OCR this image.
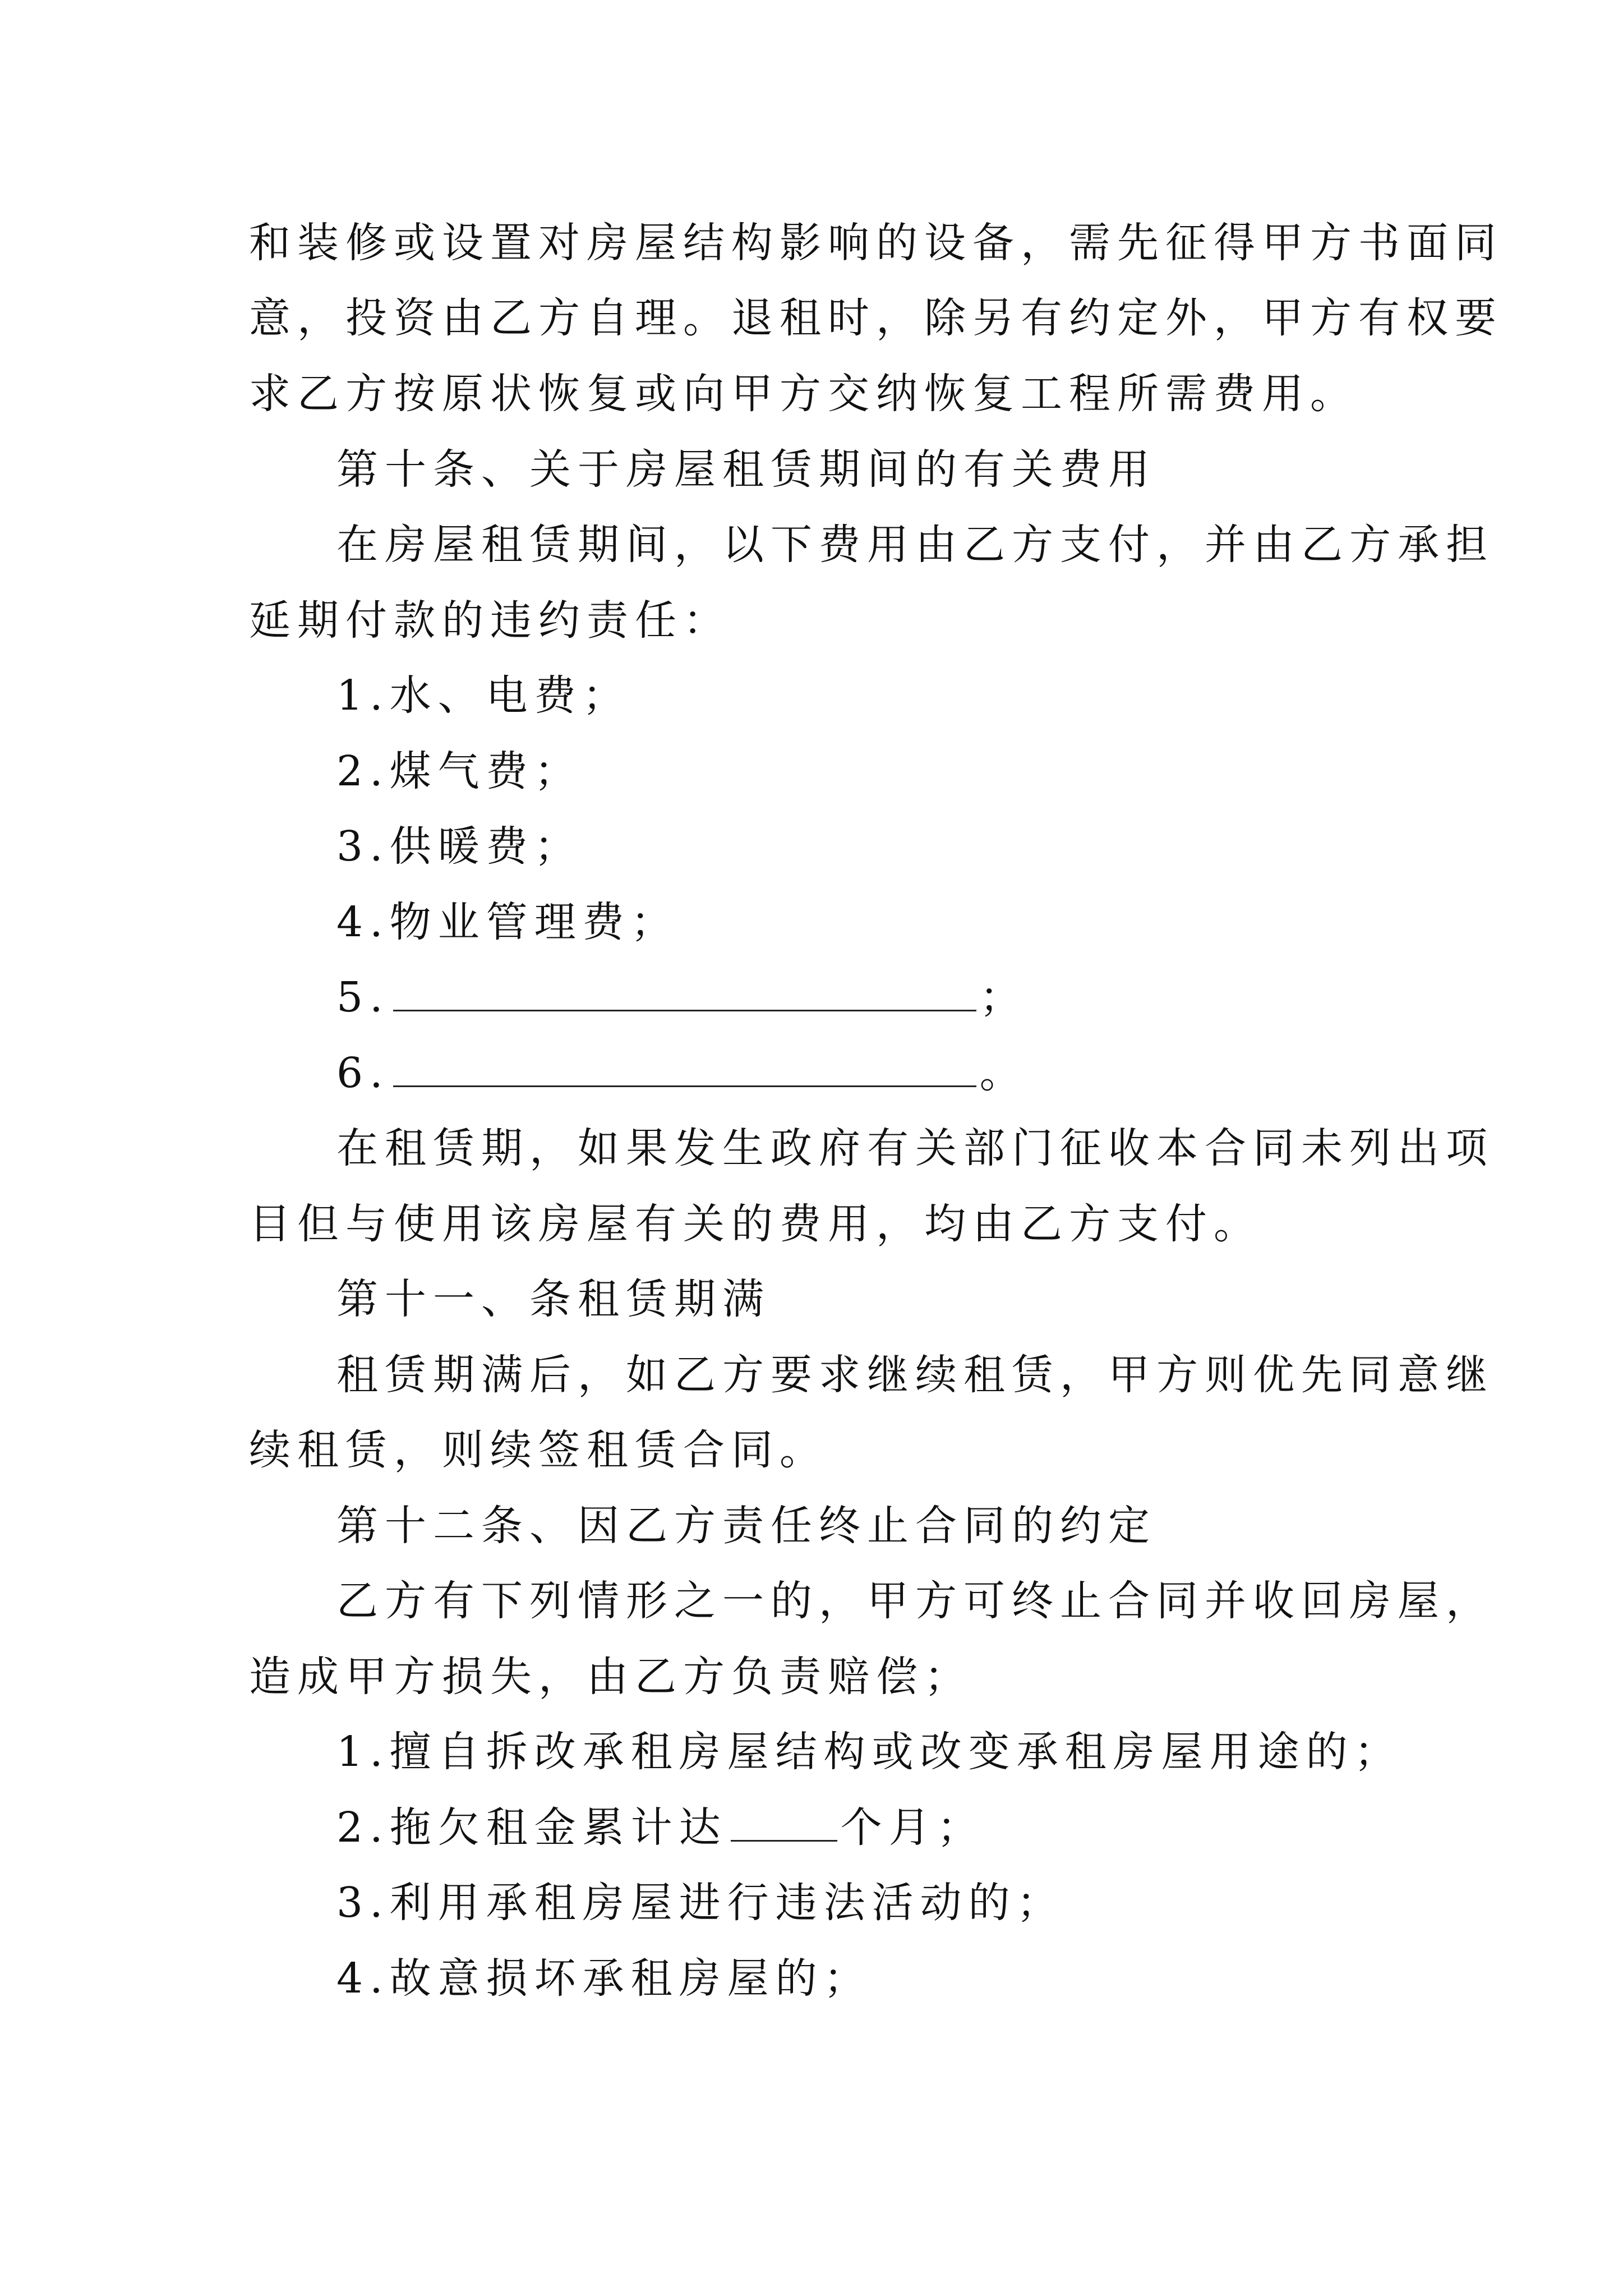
和装修或设置对房屋结构影响的设备，需先征得甲方书面同
意，投资由乙方自理。退租时，除另有约定外，甲方有权要
求乙方按原状恢复或向甲方交纳恢复工程所需费用。
第十条、关于房屋租赁期间的有关费用
在房屋租赁期间，以下费用由乙方支付，并由乙方承担
延期付款的违约责任：
1.水、电费；
2.煤气费；
3.供暖费；
4.物业管理费；
5.	；
6.	。
在租赁期，如果发生政府有关部门征收本合同未列出项
目但与使用该房屋有关的费用，均由乙方支付。
第十一、条租赁期满
租赁期满后，如乙方要求继续租赁，甲方则优先同意继
续租赁，则续签租赁合同。
第十二条、因乙方责任终止合同的约定
乙方有下列情形之一的，甲方可终止合同并收回房屋，
造成甲方损失，由乙方负责赔偿；
1.擅自拆改承租房屋结构或改变承租房屋用途的；
2.拖欠租金累计达	个月；
3.利用承租房屋进行违法活动的；
4.故意损坏承租房屋的；
